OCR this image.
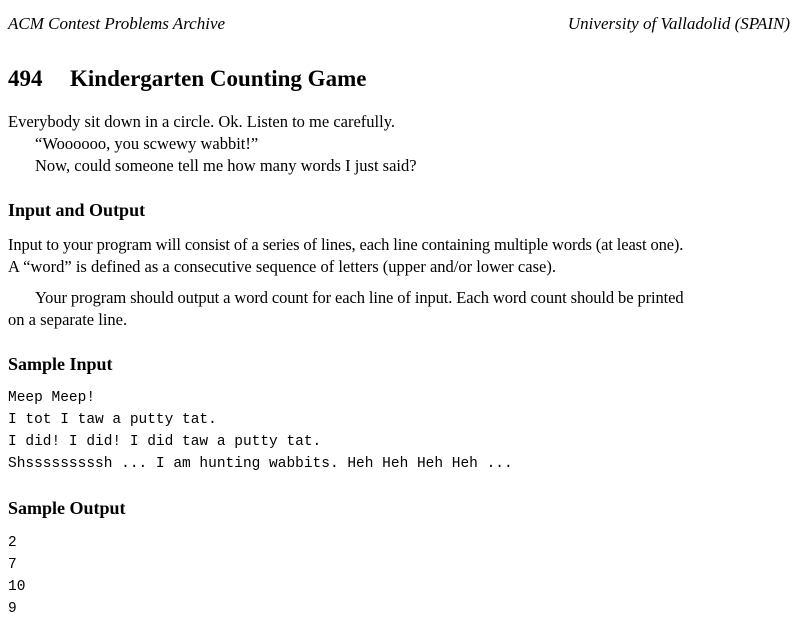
ACM Contest Problems Archive	University of Valladolid (SPAIN)
494 Kindergarten Counting Game
Everybody sit down in a circle. Ok. Listen to me carefully.
“Woooooo, you scwewy wabbit!”
Now, could someone tell me how many words I just said?
Input and Output
Input to your program will consist of a series of lines, each line containing multiple words (at least one).
A “word” is defined as a consecutive sequence of letters (upper and/or lower case).
Your program should output a word count for each line of input. Each word count should be printed
on a separate line.
Sample Input
Meep Meep!
I tot I taw a putty tat.
I did! I did! I did taw a putty tat.
Shsssssssssh ... I am hunting wabbits. Heh Heh Heh Heh ...
Sample Output
2
7
10
9
